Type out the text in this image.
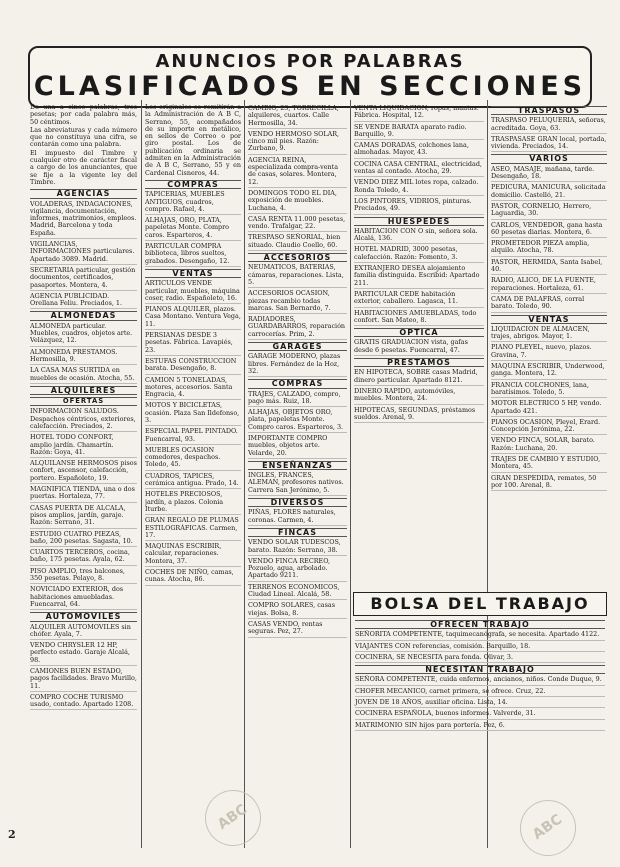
ANUNCIOS POR PALABRAS
CLASIFICADOS EN SECCIONES

De una a cinco palabras, tres pesetas; por cada palabra más, 50 céntimos.

Las abreviaturas y cada número que no constituya una cifra, se contarán como una palabra.

El impuesto del Timbre y cualquier otro de carácter fiscal a cargo de los anunciantes, que se fije a la vigente ley del Timbre.

AGENCIAS
VOLADERAS, INDAGACIONES, vigilancia, documentación, informes, matrimonios, empleos. Madrid, Barcelona y toda España.
VIGILANCIAS, INFORMACIONES particulares. Apartado 3089. Madrid.
SECRETARIA particular, gestión documentos, certificados, pasaportes. Montera, 4.
AGENCIA PUBLICIDAD. Orellana Feliu. Preciados, 1.
ALMONEDAS
ALMONEDA particular. Muebles, cuadros, objetos arte. Velázquez, 12.
ALMONEDA PRESTAMOS. Hermosilla, 9.
LA CASA MAS SURTIDA en muebles de ocasión. Atocha, 55.
ALQUILERES
OFERTAS
INFORMACION SALUDOS. Despachos céntricos, exteriores, calefacción. Preciados, 2.
HOTEL TODO CONFORT, amplio jardín. Chamartín. Razón: Goya, 41.
ALQUILANSE HERMOSOS pisos confort, ascensor, calefacción, portero. Españoleto, 19.
MAGNIFICA TIENDA, una o dos puertas. Hortaleza, 77.
CASAS PUERTA DE ALCALA, pisos amplios, jardín, garaje. Razón: Serrano, 31.
ESTUDIO CUATRO PIEZAS, baño, 200 pesetas. Sagasta, 10.
CUARTOS TERCEROS, cocina, baño, 175 pesetas. Ayala, 62.
PISO AMPLIO, tres balcones, 350 pesetas. Pelayo, 8.
NOVICIADO EXTERIOR, dos habitaciones amuebladas. Fuencarral, 64.
AUTOMOVILES
ALQUILER AUTOMOVILES sin chófer. Ayala, 7.
VENDO CHRYSLER 12 HP, perfecto estado. Garaje Alcalá, 98.
CAMIONES BUEN ESTADO, pagos facilidades. Bravo Murillo, 11.
COMPRO COCHE TURISMO usado, contado. Apartado 1208.

Los originales se remitirán a la Administración de A B C, Serrano, 55, acompañados de su importe en metálico, en sellos de Correo o por giro postal. Los de publicación ordinaria se admiten en la Administración de A B C, Serrano, 55 y en Cardenal Cisneros, 44.

COMPRAS
TAPICERIAS, MUEBLES ANTIGUOS, cuadros, compro. Rafael, 4.
ALHAJAS, ORO, PLATA, papeletas Monte. Compro caros. Esparteros, 4.
PARTICULAR COMPRA biblioteca, libros sueltos, grabados. Desengaño, 12.
VENTAS
ARTICULOS VENDE particular, muebles, máquina coser, radio. Españoleto, 16.
PIANOS ALQUILER, plazos. Casa Montano. Ventura Vega, 11.
PERSIANAS DESDE 3 pesetas. Fábrica. Lavapiés, 23.
ESTUFAS CONSTRUCCION barata. Desengaño, 8.
CAMION 5 TONELADAS, motores, accesorios. Santa Engracia, 4.
MOTOS Y BICICLETAS, ocasión. Plaza San Ildefonso, 3.
ESPECIAL PAPEL PINTADO. Fuencarral, 93.
MUEBLES OCASION comedores, despachos. Toledo, 45.
CUADROS, TAPICES, cerámica antigua. Prado, 14.
HOTELES PRECIOSOS, jardín, a plazos. Colonia Iturbe.
GRAN REGALO DE PLUMAS ESTILOGRÁFICAS. Carmen, 17.
MAQUINAS ESCRIBIR, calcular, reparaciones. Montera, 37.
COCHES DE NIÑO, camas, cunas. Atocha, 86.
CAMBIO, 23, TORRECILLA, alquileres, cuartos. Calle Hermosilla, 34.
VENDO HERMOSO SOLAR, cinco mil pies. Razón: Zurbano, 9.
AGENCIA REINA, especializada compra-venta de casas, solares. Montera, 12.
DOMINGOS TODO EL DIA, exposición de muebles. Luchana, 4.
CASA RENTA 11.000 pesetas, vendo. Trafalgar, 22.
TRESPASO SEÑORIAL, bien situado. Claudio Coello, 60.
ACCESORIOS
NEUMATICOS, BATERIAS, cámaras, reparaciones. Lista, 5.
ACCESORIOS OCASION, piezas recambio todas marcas. San Bernardo, 7.
RADIADORES, GUARDABARROS, reparación carrocerías. Prim, 2.
GARAGES
GARAGE MODERNO, plazas libres. Fernández de la Hoz, 32.
COMPRAS
TRAJES, CALZADO, compro, pago más. Ruiz, 18.
ALHAJAS, OBJETOS ORO, plata, papeletas Monte. Compro caros. Esparteros, 3.
IMPORTANTE COMPRO muebles, objetos arte. Velarde, 20.
ENSEÑANZAS
INGLES, FRANCES, ALEMAN, profesores nativos. Carrera San Jerónimo, 5.
DIVERSOS
PIÑAS, FLORES naturales, coronas. Carmen, 4.
FINCAS
VENDO SOLAR TUDESCOS, barato. Razón: Serrano, 38.
VENDO FINCA RECREO, Pozuelo, agua, arbolado. Apartado 9211.
TERRENOS ECONOMICOS, Ciudad Lineal. Alcalá, 58.
COMPRO SOLARES, casas viejas. Bolsa, 8.
CASAS VENDO, rentas seguras. Pez, 27.
VENTA LIQUIDACION, ropas, mantas. Fábrica. Hospital, 12.
SE VENDE BARATA aparato radio. Barquillo, 9.
CAMAS DORADAS, colchones lana, almohadas. Mayor, 43.
COCINA CASA CENTRAL, electricidad, ventas al contado. Atocha, 29.
VENDO DIEZ MIL lotes ropa, calzado. Ronda Toledo, 4.
LOS PINTORES, VIDRIOS, pinturas. Preciados, 49.
HUESPEDES
HABITACION CON O sin, señora sola. Alcalá, 136.
HOTEL MADRID, 3000 pesetas, calefacción. Razón: Fomento, 3.
EXTRANJERO DESEA alojamiento familia distinguida. Escribid: Apartado 211.
PARTICULAR CEDE habitación exterior, caballero. Lagasca, 11.
HABITACIONES AMUEBLADAS, todo confort. San Mateo, 8.
OPTICA
GRATIS GRADUACION vista, gafas desde 6 pesetas. Fuencarral, 47.
PRESTAMOS
EN HIPOTECA, SOBRE casas Madrid, dinero particular. Apartado 8121.
DINERO RAPIDO, automóviles, muebles. Montera, 24.
HIPOTECAS, SEGUNDAS, préstamos sueldos. Arenal, 9.
TRASPASOS
TRASPASO PELUQUERIA, señoras, acreditada. Goya, 63.
TRASPASASE GRAN local, portada, vivienda. Preciados, 14.
VARIOS
ASEO, MASAJE, mañana, tarde. Desengaño, 18.
PEDICURA, MANICURA, solicitada domicilio. Castelló, 21.
PASTOR, CORNELIO, Herrero, Laguardia, 30.
CARLOS, VENDEDOR, gana hasta 60 pesetas diarias. Montera, 6.
PROMETEDOR PIEZA amplia, alquilo. Atocha, 78.
PASTOR, HERMIDA, Santa Isabel, 40.
RADIO, ALICO, DE LA FUENTE, reparaciones. Hortaleza, 61.
CAMA DE PALAFRAS, corral barato. Toledo, 90.
VENTAS
LIQUIDACION DE ALMACEN, trajes, abrigos. Mayor, 1.
PIANO PLEYEL, nuevo, plazos. Gravina, 7.
MAQUINA ESCRIBIR, Underwood, ganga. Montera, 12.
FRANCIA COLCHONES, lana, baratísimos. Toledo, 5.
MOTOR ELECTRICO 5 HP, vendo. Apartado 421.
PIANOS OCASION, Pleyel, Erard. Concepción Jerónima, 22.
VENDO FINCA, SOLAR, barato. Razón: Luchana, 20.
TRAJES DE CAMBIO Y ESTUDIO, Montera, 45.
GRAN DESPEDIDA, remates, 50 por 100. Arenal, 8.
BOLSA DEL TRABAJO
OFRECEN TRABAJO
SEÑORITA COMPETENTE, taquimecanógrafa, se necesita. Apartado 4122.
VIAJANTES CON referencias, comisión. Barquillo, 18.
COCINERA, SE NECESITA para fonda. Olivar, 3.
NECESITAN TRABAJO
SEÑORA COMPETENTE, cuida enfermos, ancianos, niños. Conde Duque, 9.
CHOFER MECANICO, carnet primera, se ofrece. Cruz, 22.
JOVEN DE 18 AÑOS, auxiliar oficina. Lista, 14.
COCINERA ESPAÑOLA, buenos informes. Valverde, 31.
MATRIMONIO SIN hijos para portería. Pez, 6.
ABC	ABC
2
